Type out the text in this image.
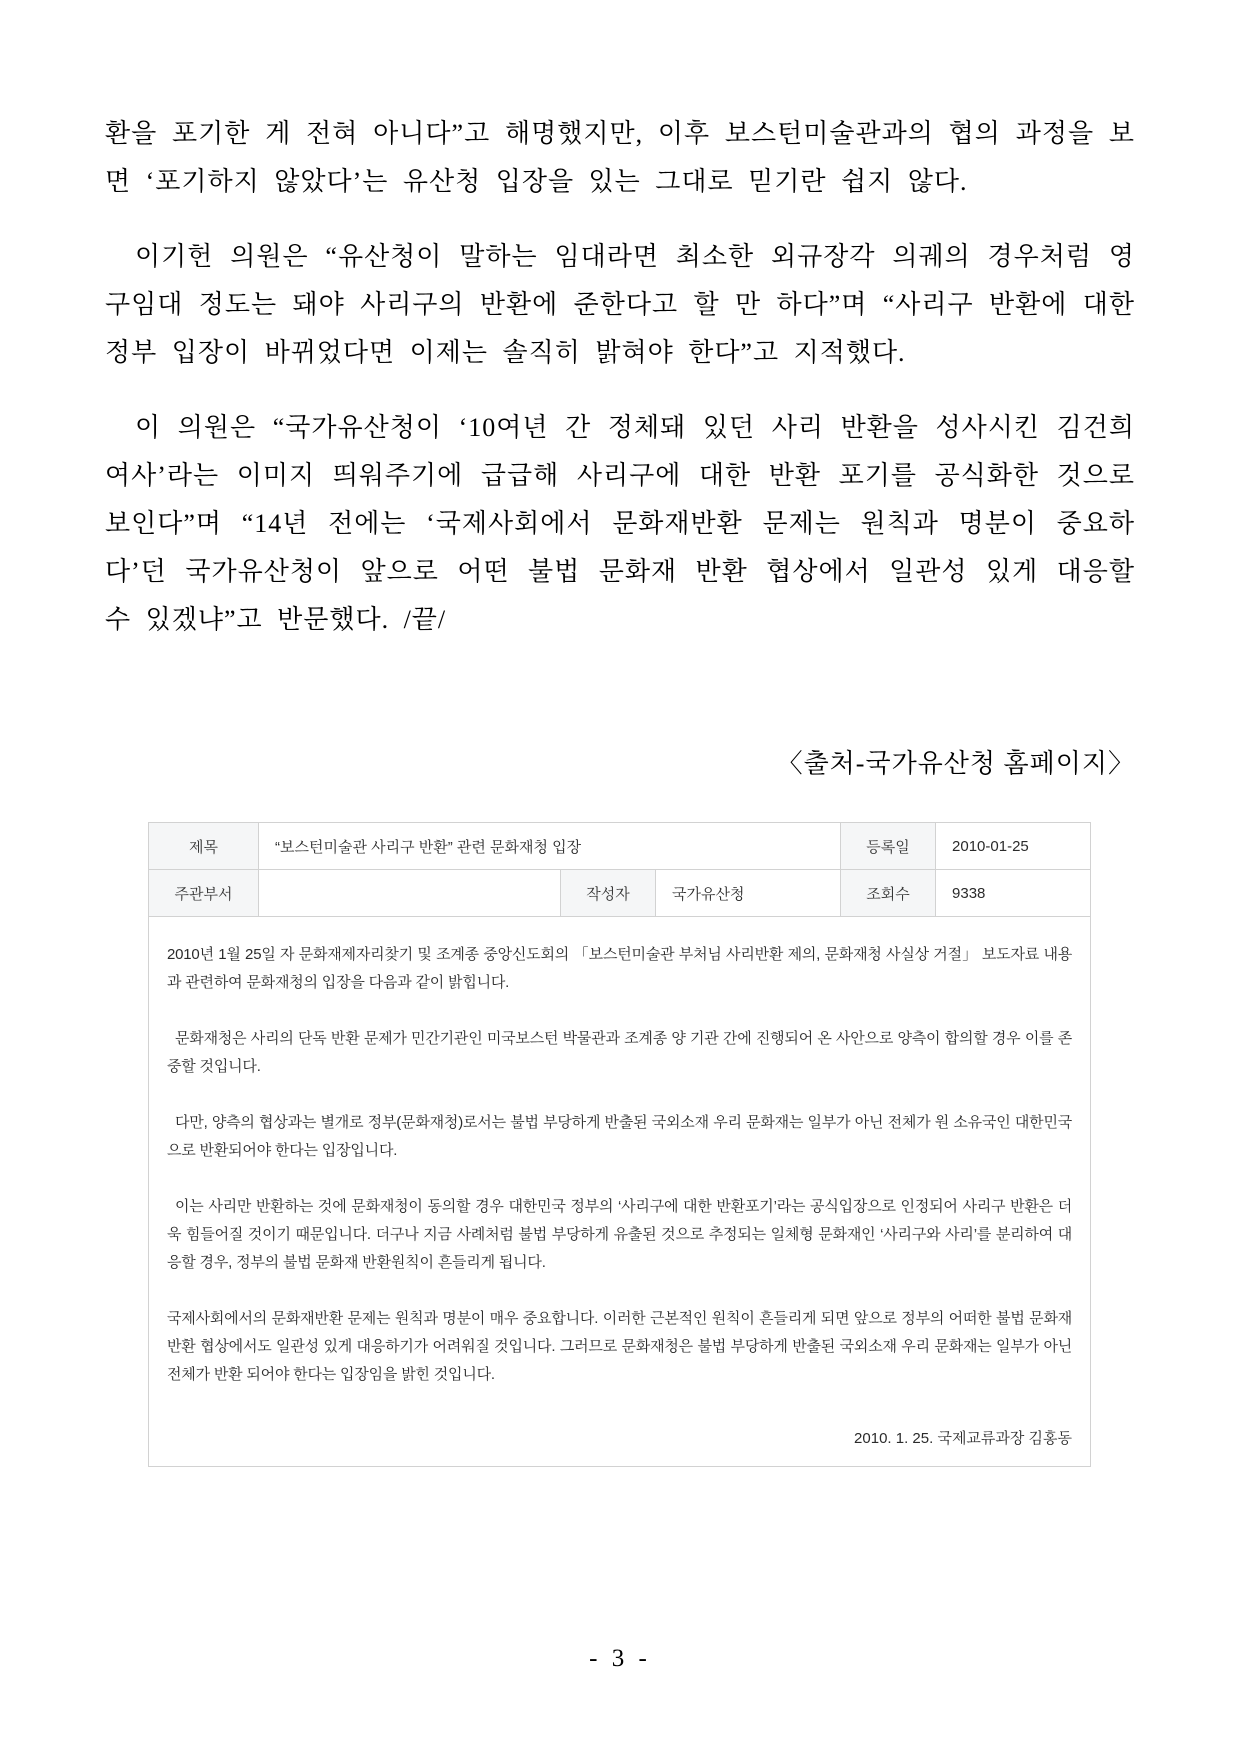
환을 포기한 게 전혀 아니다”고 해명했지만, 이후 보스턴미술관과의 협의 과정을 보면 ‘포기하지 않았다’는 유산청 입장을 있는 그대로 믿기란 쉽지 않다.

이기헌 의원은 “유산청이 말하는 임대라면 최소한 외규장각 의궤의 경우처럼 영구임대 정도는 돼야 사리구의 반환에 준한다고 할 만 하다”며 “사리구 반환에 대한 정부 입장이 바뀌었다면 이제는 솔직히 밝혀야 한다”고 지적했다.

이 의원은 “국가유산청이 ‘10여년 간 정체돼 있던 사리 반환을 성사시킨 김건희 여사’라는 이미지 띄워주기에 급급해 사리구에 대한 반환 포기를 공식화한 것으로 보인다”며 “14년 전에는 ‘국제사회에서 문화재반환 문제는 원칙과 명분이 중요하다’던 국가유산청이 앞으로 어떤 불법 문화재 반환 협상에서 일관성 있게 대응할 수 있겠냐”고 반문했다. /끝/

〈출처-국가유산청 홈페이지〉
제목	“보스턴미술관 사리구 반환” 관련 문화재청 입장			등록일	2010-01-25
주관부서		작성자	국가유산청	조회수	9338

2010년 1월 25일 자 문화재제자리찾기 및 조계종 중앙신도회의 「보스턴미술관 부처님 사리반환 제의, 문화재청 사실상 거절」 보도자료 내용과 관련하여 문화재청의 입장을 다음과 같이 밝힙니다.

문화재청은 사리의 단독 반환 문제가 민간기관인 미국보스턴 박물관과 조계종 양 기관 간에 진행되어 온 사안으로 양측이 합의할 경우 이를 존중할 것입니다.

다만, 양측의 협상과는 별개로 정부(문화재청)로서는 불법 부당하게 반출된 국외소재 우리 문화재는 일부가 아닌 전체가 원 소유국인 대한민국으로 반환되어야 한다는 입장입니다.

이는 사리만 반환하는 것에 문화재청이 동의할 경우 대한민국 정부의 ‘사리구에 대한 반환포기’라는 공식입장으로 인정되어 사리구 반환은 더욱 힘들어질 것이기 때문입니다. 더구나 지금 사례처럼 불법 부당하게 유출된 것으로 추정되는 일체형 문화재인 ‘사리구와 사리’를 분리하여 대응할 경우, 정부의 불법 문화재 반환원칙이 흔들리게 됩니다.

국제사회에서의 문화재반환 문제는 원칙과 명분이 매우 중요합니다. 이러한 근본적인 원칙이 흔들리게 되면 앞으로 정부의 어떠한 불법 문화재 반환 협상에서도 일관성 있게 대응하기가 어려워질 것입니다. 그러므로 문화재청은 불법 부당하게 반출된 국외소재 우리 문화재는 일부가 아닌 전체가 반환 되어야 한다는 입장임을 밝힌 것입니다.

2010. 1. 25. 국제교류과장 김홍동
- 3 -
